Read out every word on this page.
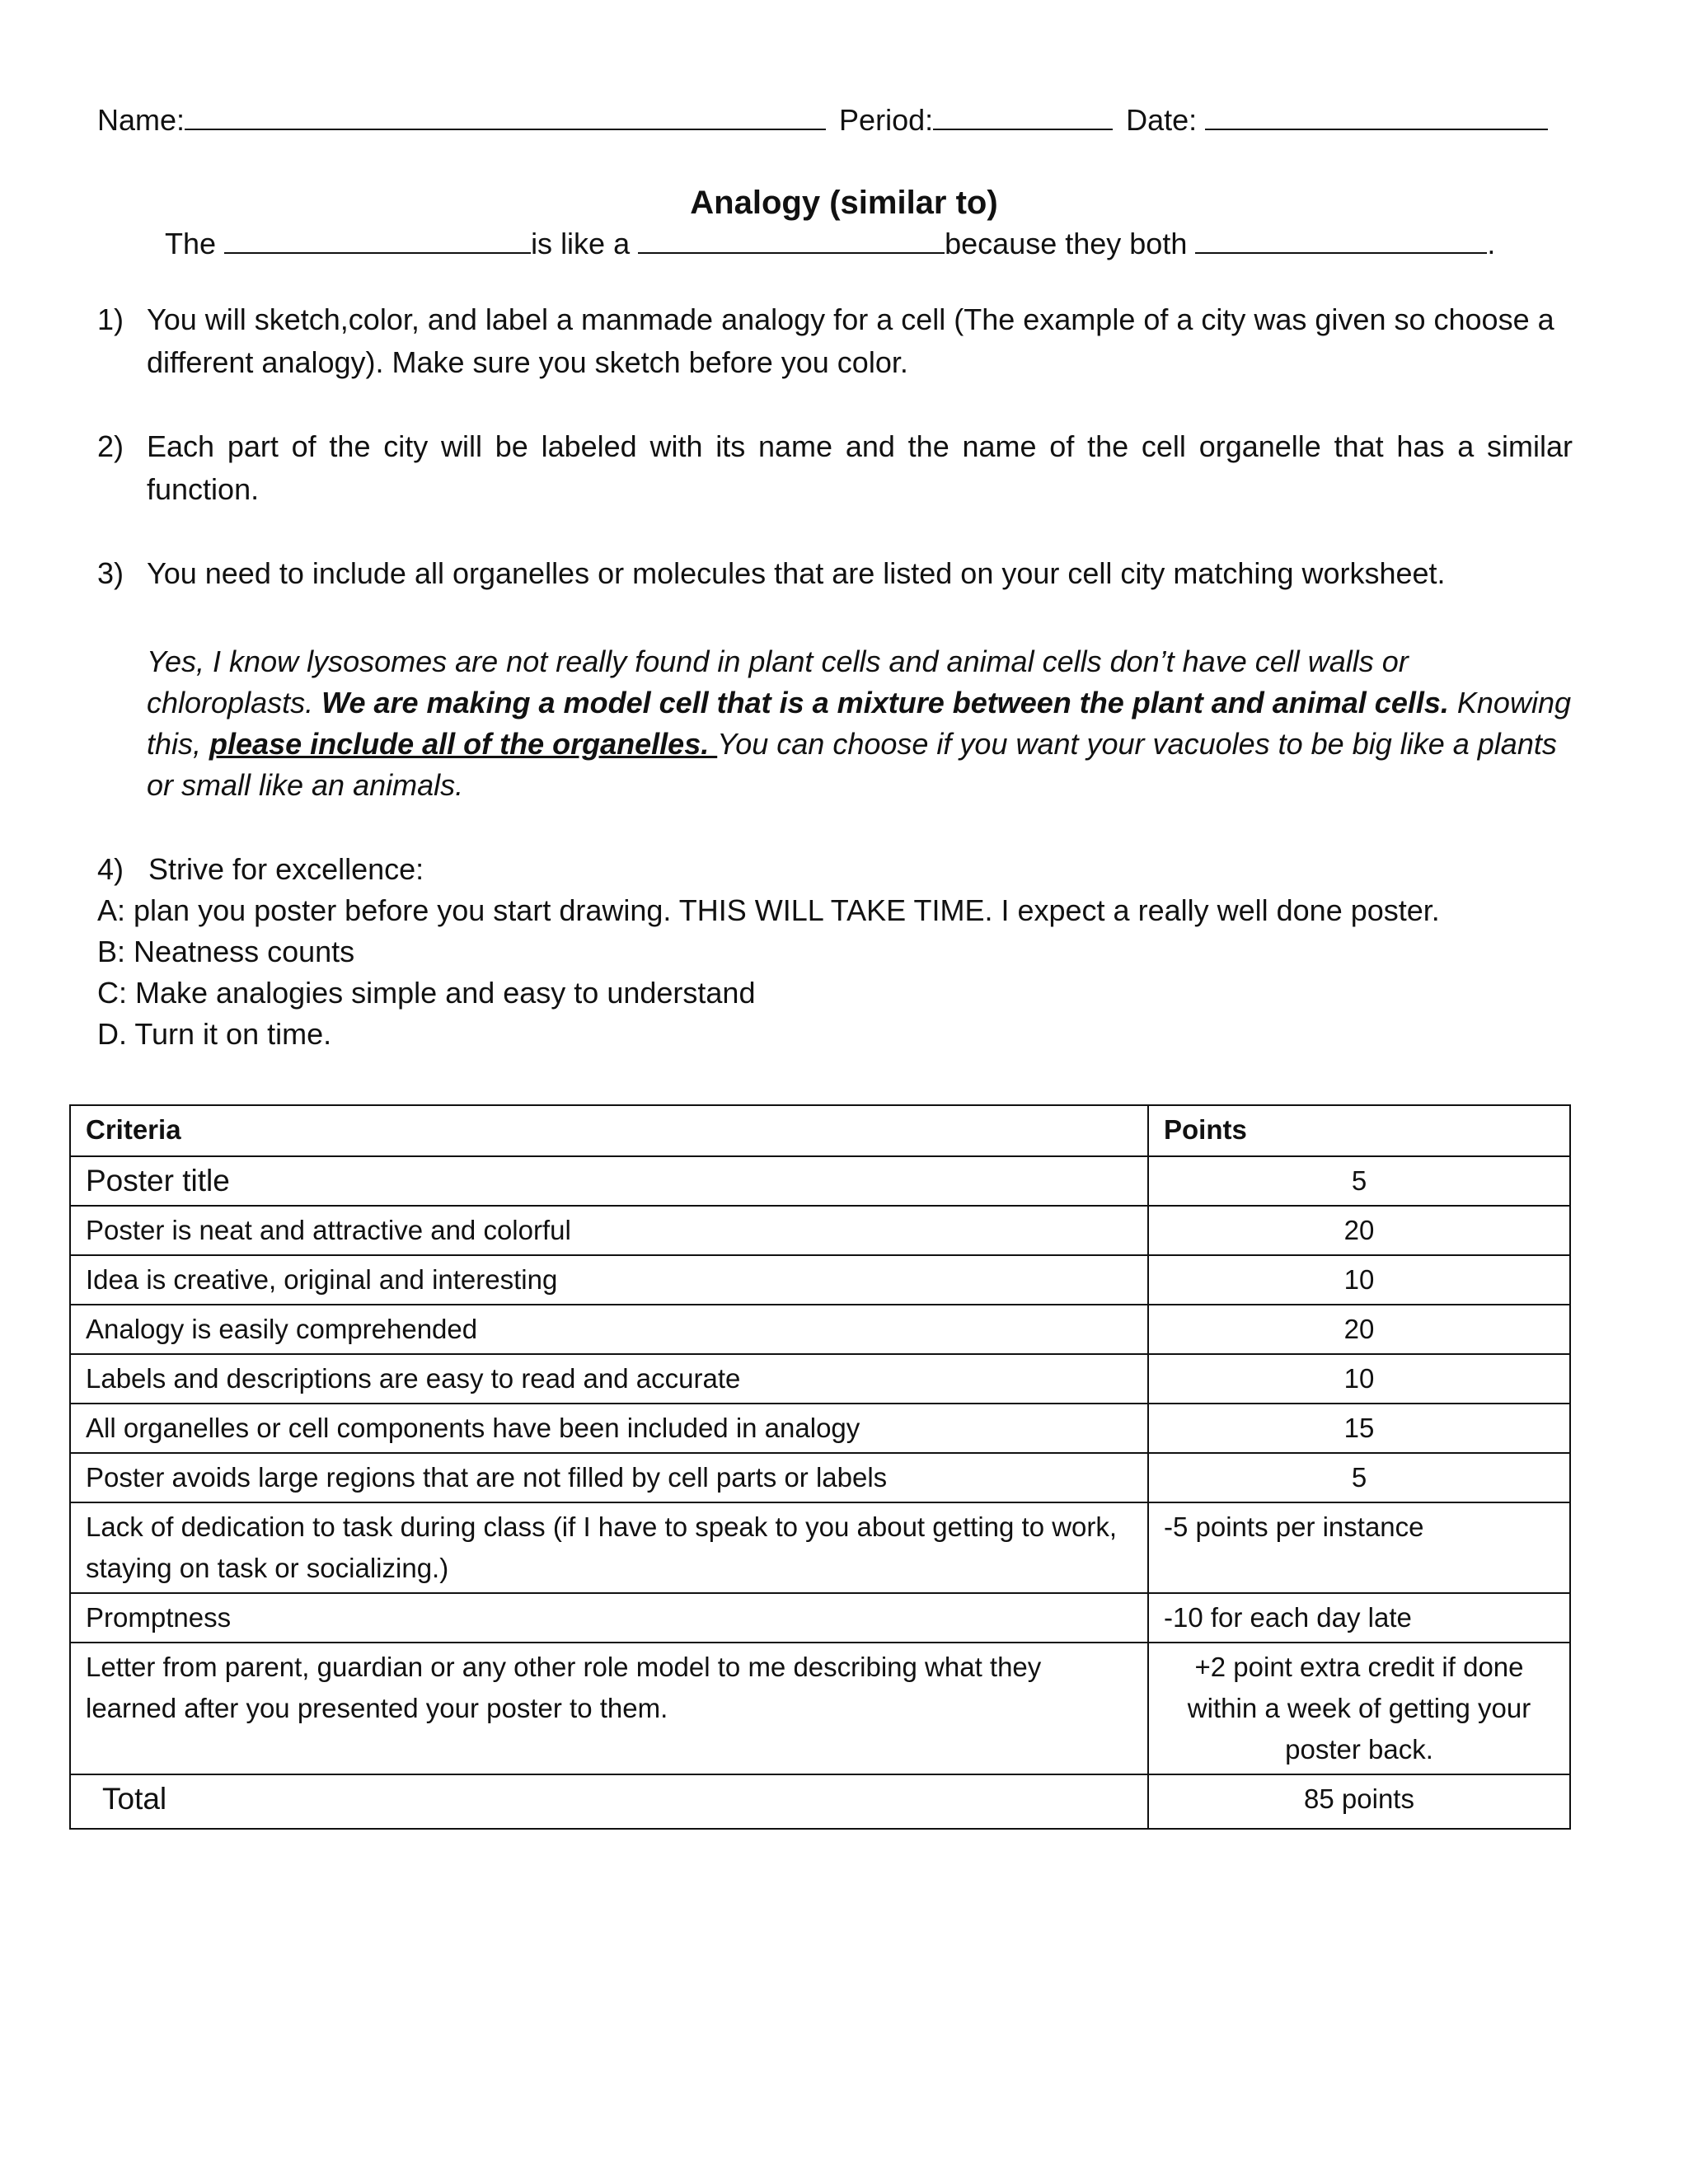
Name:	Period:	Date:
Analogy (similar to)
The	is like a	because they both	.
1) You will sketch,color, and label a manmade analogy for a cell (The example of a city was given so choose a different analogy). Make sure you sketch before you color.
2) Each part of the city will be labeled with its name and the name of the cell organelle that has a similar function.
3) You need to include all organelles or molecules that are listed on your cell city matching worksheet.
Yes, I know lysosomes are not really found in plant cells and animal cells don’t have cell walls or chloroplasts. We are making a model cell that is a mixture between the plant and animal cells. Knowing this, please include all of the organelles. You can choose if you want your vacuoles to be big like a plants or small like an animals.
4) Strive for excellence:
A: plan you poster before you start drawing. THIS WILL TAKE TIME. I expect a really well done poster.
B: Neatness counts
C: Make analogies simple and easy to understand
D. Turn it on time.
Criteria	Points
Poster title	5
Poster is neat and attractive and colorful	20
Idea is creative, original and interesting	10
Analogy is easily comprehended	20
Labels and descriptions are easy to read and accurate	10
All organelles or cell components have been included in analogy	15
Poster avoids large regions that are not filled by cell parts or labels	5
Lack of dedication to task during class (if I have to speak to you about getting to work, staying on task or socializing.)	-5 points per instance
Promptness	-10 for each day late
Letter from parent, guardian or any other role model to me describing what they learned after you presented your poster to them.	+2 point extra credit if done within a week of getting your poster back.
Total	85 points
